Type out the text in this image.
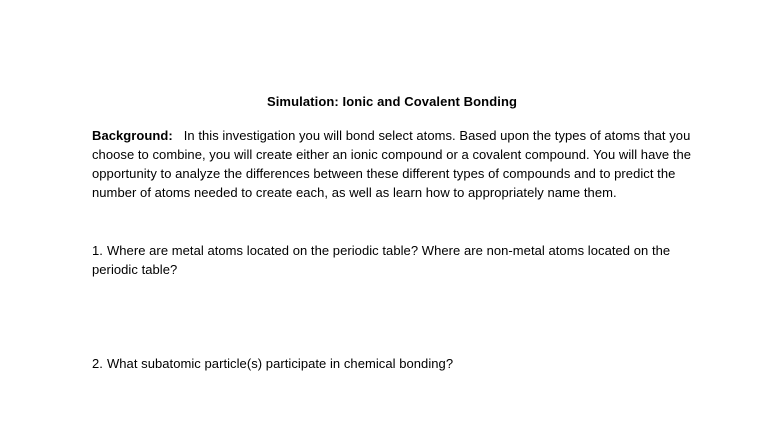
Simulation: Ionic and Covalent Bonding
Background: In this investigation you will bond select atoms. Based upon the types of atoms that you choose to combine, you will create either an ionic compound or a covalent compound. You will have the opportunity to analyze the differences between these different types of compounds and to predict the number of atoms needed to create each, as well as learn how to appropriately name them.
1. Where are metal atoms located on the periodic table? Where are non-metal atoms located on the periodic table?
2. What subatomic particle(s) participate in chemical bonding?
